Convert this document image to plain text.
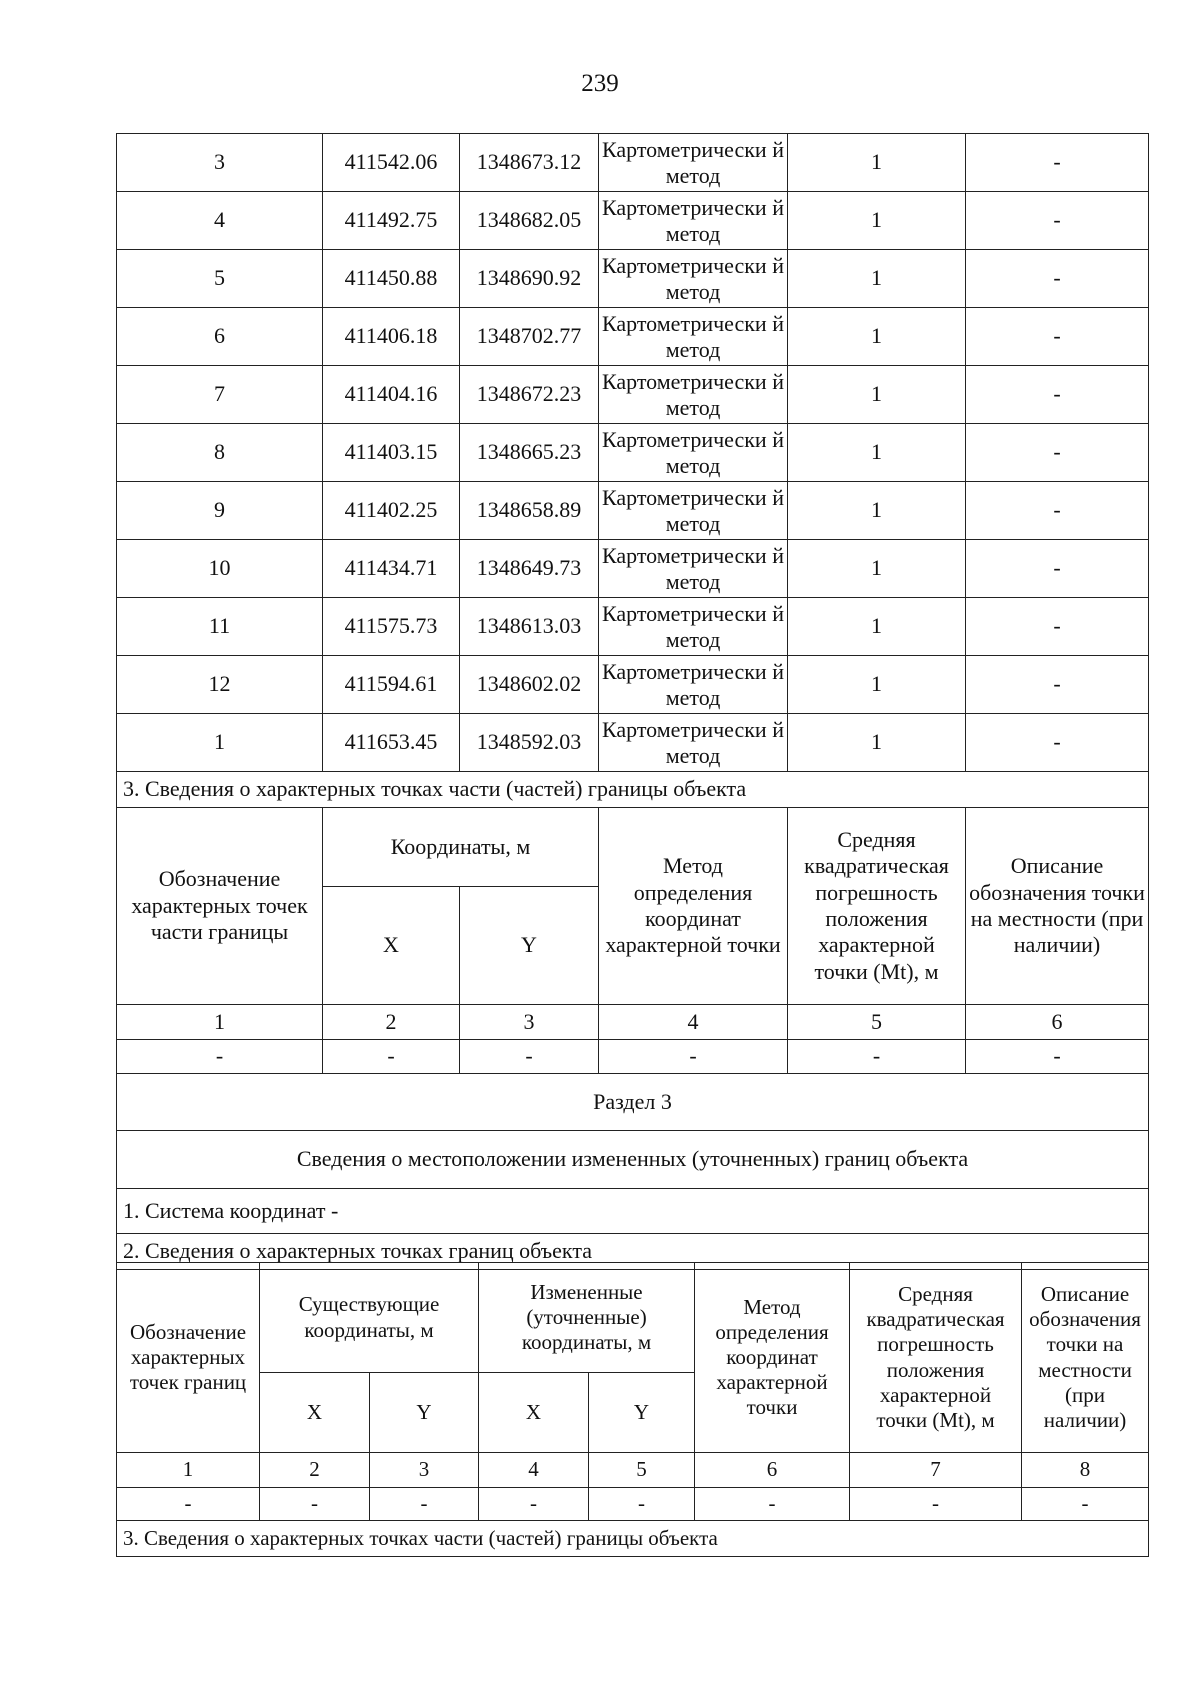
239
3	411542.06	1348673.12	Картометрически й метод	1	-
4	411492.75	1348682.05	Картометрически й метод	1	-
5	411450.88	1348690.92	Картометрически й метод	1	-
6	411406.18	1348702.77	Картометрически й метод	1	-
7	411404.16	1348672.23	Картометрически й метод	1	-
8	411403.15	1348665.23	Картометрически й метод	1	-
9	411402.25	1348658.89	Картометрически й метод	1	-
10	411434.71	1348649.73	Картометрически й метод	1	-
11	411575.73	1348613.03	Картометрически й метод	1	-
12	411594.61	1348602.02	Картометрически й метод	1	-
1	411653.45	1348592.03	Картометрически й метод	1	-
3. Сведения о характерных точках части (частей) границы объекта					
Обозначение характерных точек части границы	Координаты, м		Метод определения координат характерной точки	Средняя квадратическая погрешность положения характерной точки (Mt), м	Описание обозначения точки на местности (при наличии)
	X	Y			
1	2	3	4	5	6
-	-	-	-	-	-
Раздел 3					
Сведения о местоположении измененных (уточненных) границ объекта					
1. Система координат -					
2. Сведения о характерных точках границ объекта					
Обозначение характерных точек границ	Существующие координаты, м		Измененные (уточненные) координаты, м		Метод определения координат характерной точки	Средняя квадратическая погрешность положения характерной точки (Mt), м	Описание обозначения точки на местности (при наличии)
	X	Y	X	Y			
1	2	3	4	5	6	7	8
-	-	-	-	-	-	-	-
3. Сведения о характерных точках части (частей) границы объекта							
